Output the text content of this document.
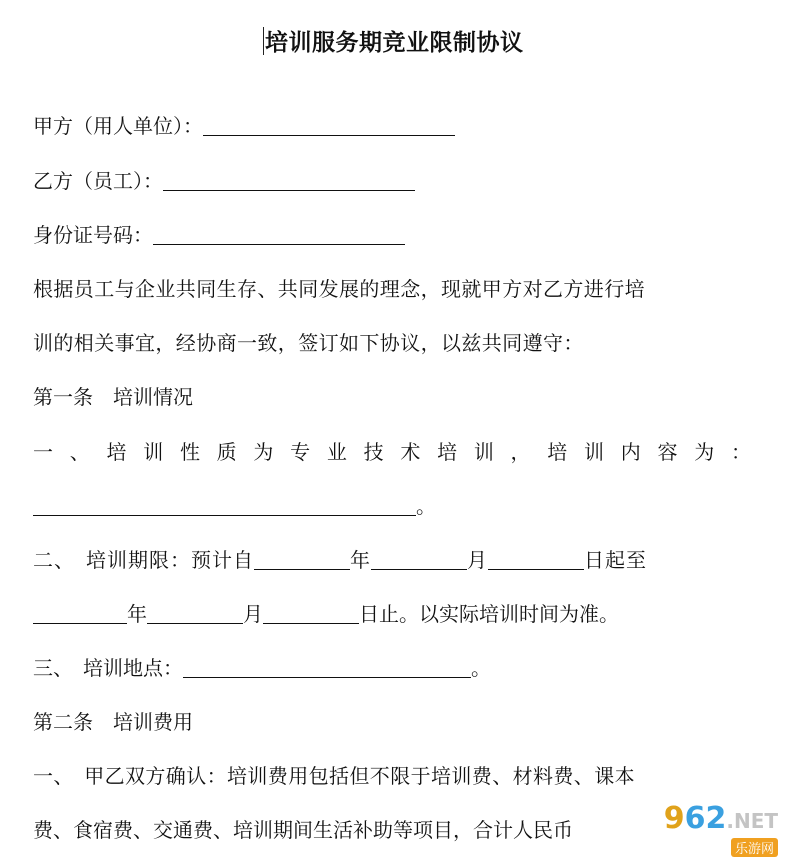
培训服务期竞业限制协议
甲方（用人单位）：
乙方（员工）：
身份证号码：
根据员工与企业共同生存、共同发展的理念，现就甲方对乙方进行培
训的相关事宜，经协商一致，签订如下协议，以兹共同遵守：
第一条　培训情况
一 、 培 训 性 质 为 专 业 技 术 培 训 ， 培 训 内 容 为 ：
。
二、　培训期限：预计自	年	月	日起至
年	月	日止。以实际培训时间为准。
三、　培训地点：	。
第二条　培训费用
一、　甲乙双方确认：培训费用包括但不限于培训费、材料费、课本
费、食宿费、交通费、培训期间生活补助等项目，合计人民币	962.NET
乐游网
